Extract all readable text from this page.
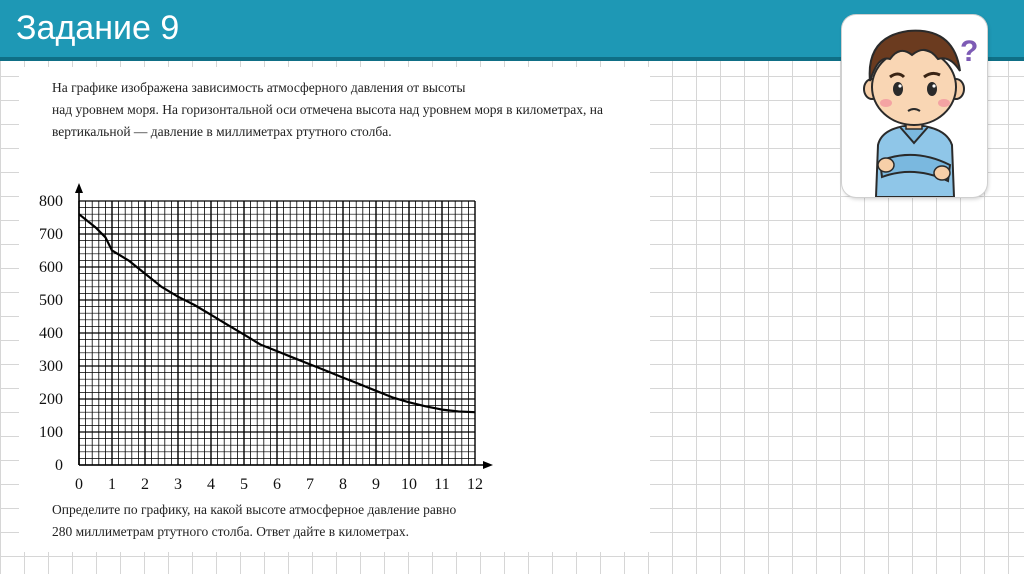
Задание 9
?
На графике изображена зависимость атмосферного давления от высоты
над уровнем моря. На горизонтальной оси отмечена высота над уровнем моря в километрах, на
вертикальной — давление в миллиметрах ртутного столба.
0 1 2 3 4 5 6 7 8 9 10 11 12
0
100
200
300
400
500
600
700
800
Определите по графику, на какой высоте атмосферное давление равно
280 миллиметрам ртутного столба. Ответ дайте в километрах.
